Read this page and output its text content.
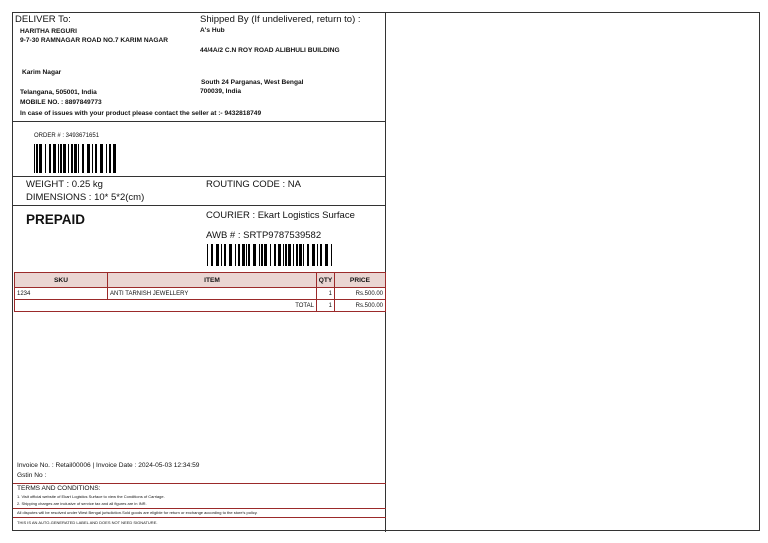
DELIVER To:
HARITHA REGURI
9-7-30 RAMNAGAR ROAD NO.7 KARIM NAGAR
Karim Nagar
Telangana, 505001, India
MOBILE NO. : 8897849773
Shipped By (If undelivered, return to) :
A's Hub
44/4A/2 C.N ROY ROAD ALIBHULI BUILDING
South 24 Parganas, West Bengal
700039, India
In case of issues with your product please contact the seller at :- 9432818749
ORDER # : 3493671651
WEIGHT : 0.25 kg
DIMENSIONS : 10* 5*2(cm)
ROUTING CODE : NA
PREPAID	COURIER : Ekart Logistics Surface
AWB # : SRTP9787539582
SKU	ITEM	QTY	PRICE
1234	ANTI TARNISH JEWELLERY	1	Rs.500.00
TOTAL		1	Rs.500.00
Invoice No. : Retail00006 | Invoice Date : 2024-05-03 12:34:59
Gstin No :
TERMS AND CONDITIONS:
1. Visit official website of Ekart Logistics Surface to view the Conditions of Carriage.
2. Shipping charges are inclusive of service tax and all figures are in INR.
All disputes will be resolved under West Bengal jurisdiction.Sold goods are eligible for return or exchange according to the store's policy.
THIS IS AN AUTO-GENERATED LABEL AND DOES NOT NEED SIGNATURE.
